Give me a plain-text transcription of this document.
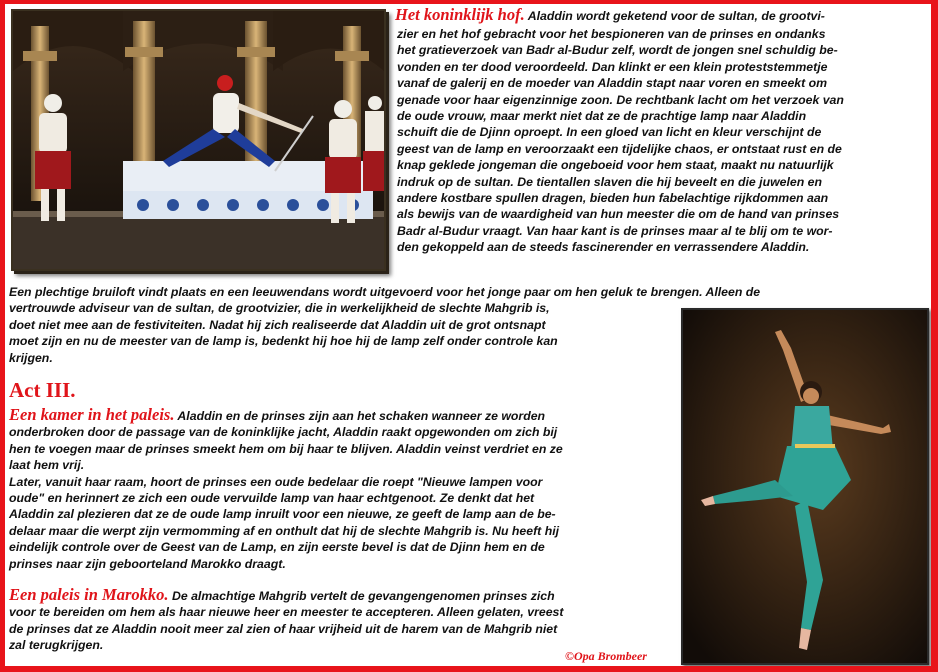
Het koninklijk hof. Aladdin wordt geketend voor de sultan, de grootvi-
zier en het hof gebracht voor het bespioneren van de prinses en ondanks
het gratieverzoek van Badr al-Budur zelf, wordt de jongen snel schuldig be-
vonden en ter dood veroordeeld. Dan klinkt er een klein proteststemmetje
vanaf de galerij en de moeder van Aladdin stapt naar voren en smeekt om
genade voor haar eigenzinnige zoon. De rechtbank lacht om het verzoek van
de oude vrouw, maar merkt niet dat ze de prachtige lamp naar Aladdin
schuift die de Djinn oproept. In een gloed van licht en kleur verschijnt de
geest van de lamp en veroorzaakt een tijdelijke chaos, er ontstaat rust en de
knap geklede jongeman die ongeboeid voor hem staat, maakt nu natuurlijk
indruk op de sultan. De tientallen slaven die hij beveelt en die juwelen en
andere kostbare spullen dragen, bieden hun fabelachtige rijkdommen aan
als bewijs van de waardigheid van hun meester die om de hand van prinses
Badr al-Budur vraagt. Van haar kant is de prinses maar al te blij om te wor-
den gekoppeld aan de steeds fascinerender en verrassendere Aladdin.
Een plechtige bruiloft vindt plaats en een leeuwendans wordt uitgevoerd voor het jonge paar om hen geluk te brengen. Alleen de
vertrouwde adviseur van de sultan, de grootvizier, die in werkelijkheid de slechte Mahgrib is,
doet niet mee aan de festiviteiten. Nadat hij zich realiseerde dat Aladdin uit de grot ontsnapt
moet zijn en nu de meester van de lamp is, bedenkt hij hoe hij de lamp zelf onder controle kan
krijgen.
Act III.
Een kamer in het paleis. Aladdin en de prinses zijn aan het schaken wanneer ze worden
onderbroken door de passage van de koninklijke jacht, Aladdin raakt opgewonden om zich bij
hen te voegen maar de prinses smeekt hem om bij haar te blijven. Aladdin veinst verdriet en ze
laat hem vrij.
Later, vanuit haar raam, hoort de prinses een oude bedelaar die roept "Nieuwe lampen voor
oude" en herinnert ze zich een oude vervuilde lamp van haar echtgenoot. Ze denkt dat het
Aladdin zal plezieren dat ze de oude lamp inruilt voor een nieuwe, ze geeft de lamp aan de be-
delaar maar die werpt zijn vermomming af en onthult dat hij de slechte Mahgrib is. Nu heeft hij
eindelijk controle over de Geest van de Lamp, en zijn eerste bevel is dat de Djinn hem en de
prinses naar zijn geboorteland Marokko draagt.
Een paleis in Marokko. De almachtige Mahgrib vertelt de gevangengenomen prinses zich
voor te bereiden om hem als haar nieuwe heer en meester te accepteren. Alleen gelaten, vreest
de prinses dat ze Aladdin nooit meer zal zien of haar vrijheid uit de harem van de Mahgrib niet
zal terugkrijgen.
©Opa Brombeer
